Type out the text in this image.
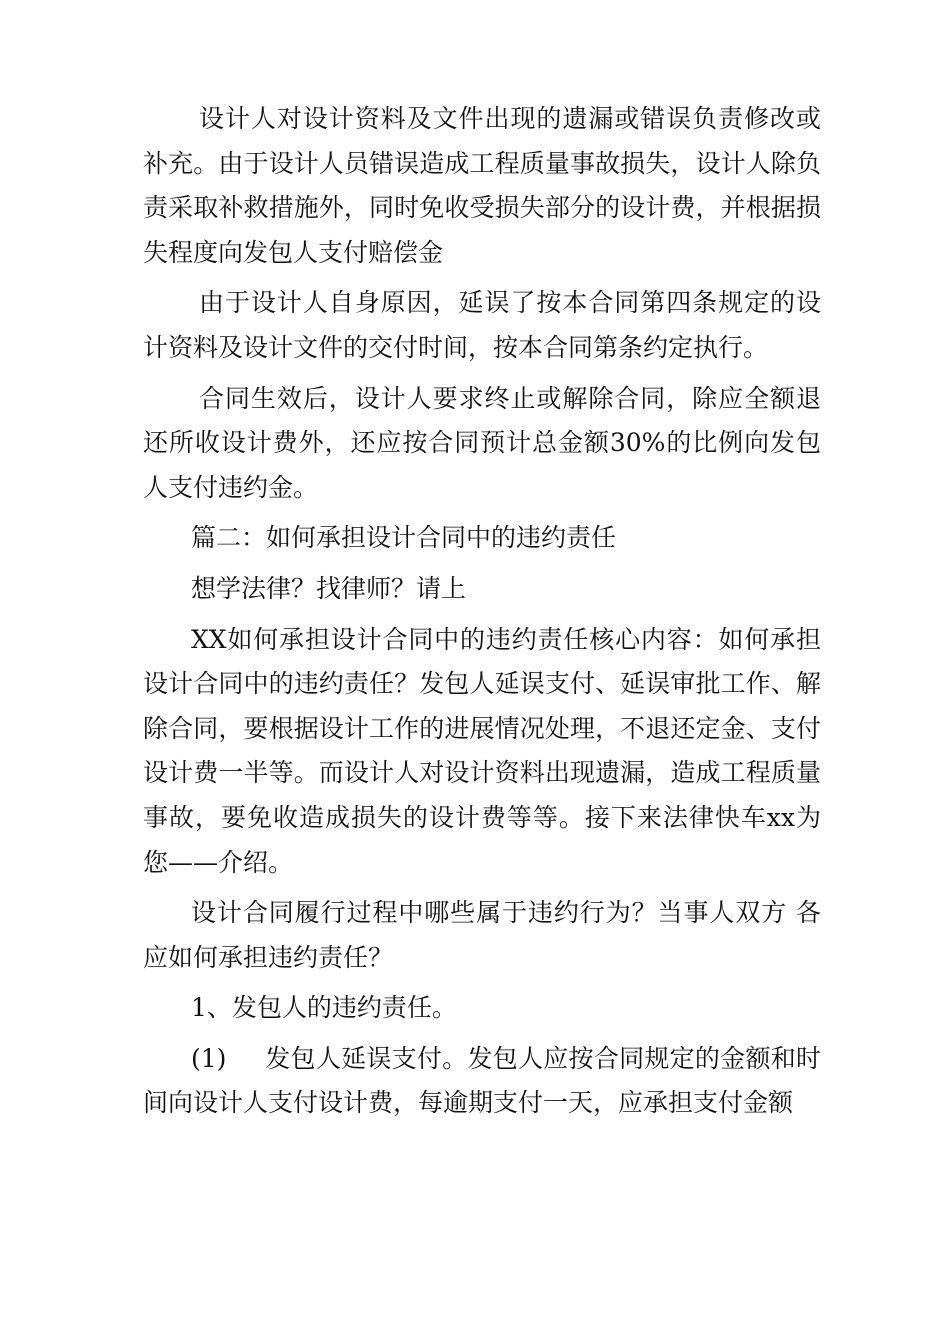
设计人对设计资料及文件出现的遗漏或错误负责修改或补充。由于设计人员错误造成工程质量事故损失，设计人除负责采取补救措施外，同时免收受损失部分的设计费，并根据损失程度向发包人支付赔偿金

由于设计人自身原因，延误了按本合同第四条规定的设计资料及设计文件的交付时间，按本合同第条约定执行。

合同生效后，设计人要求终止或解除合同，除应全额退还所收设计费外，还应按合同预计总金额30%的比例向发包人支付违约金。

篇二：如何承担设计合同中的违约责任

想学法律？找律师？请上

XX如何承担设计合同中的违约责任核心内容：如何承担设计合同中的违约责任？发包人延误支付、延误审批工作、解除合同，要根据设计工作的进展情况处理，不退还定金、支付设计费一半等。而设计人对设计资料出现遗漏，造成工程质量事故，要免收造成损失的设计费等等。接下来法律快车xx为您——介绍。

设计合同履行过程中哪些属于违约行为？当事人双方 各应如何承担违约责任？

1、发包人的违约责任。

(1) 发包人延误支付。发包人应按合同规定的金额和时间向设计人支付设计费，每逾期支付一天，应承担支付金额
